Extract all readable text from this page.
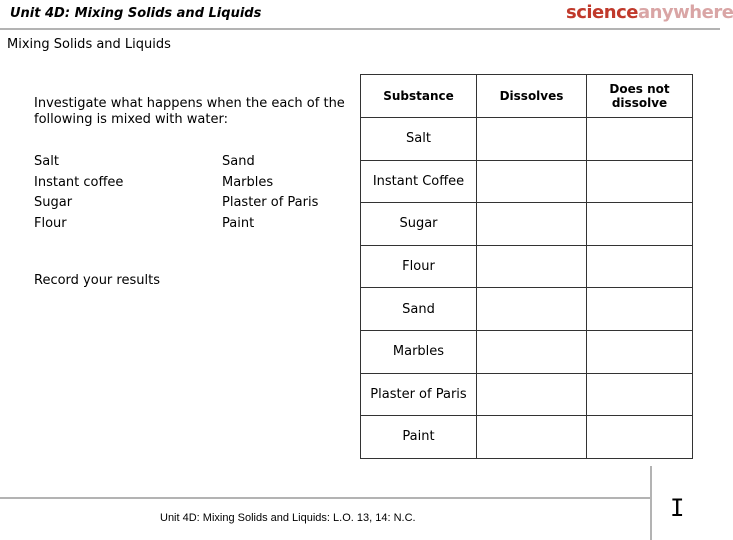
Unit 4D: Mixing Solids and Liquids	scienceanywhere
Mixing Solids and Liquids
Investigate what happens when the each of the following is mixed with water:
Salt
Instant coffee
Sugar
Flour
Sand
Marbles
Plaster of Paris
Paint
Record your results
Substance	Dissolves	Does not dissolve
Salt		
Instant Coffee		
Sugar		
Flour		
Sand		
Marbles		
Plaster of Paris		
Paint		
Unit 4D: Mixing Solids and Liquids: L.O. 13, 14: N.C.	I
